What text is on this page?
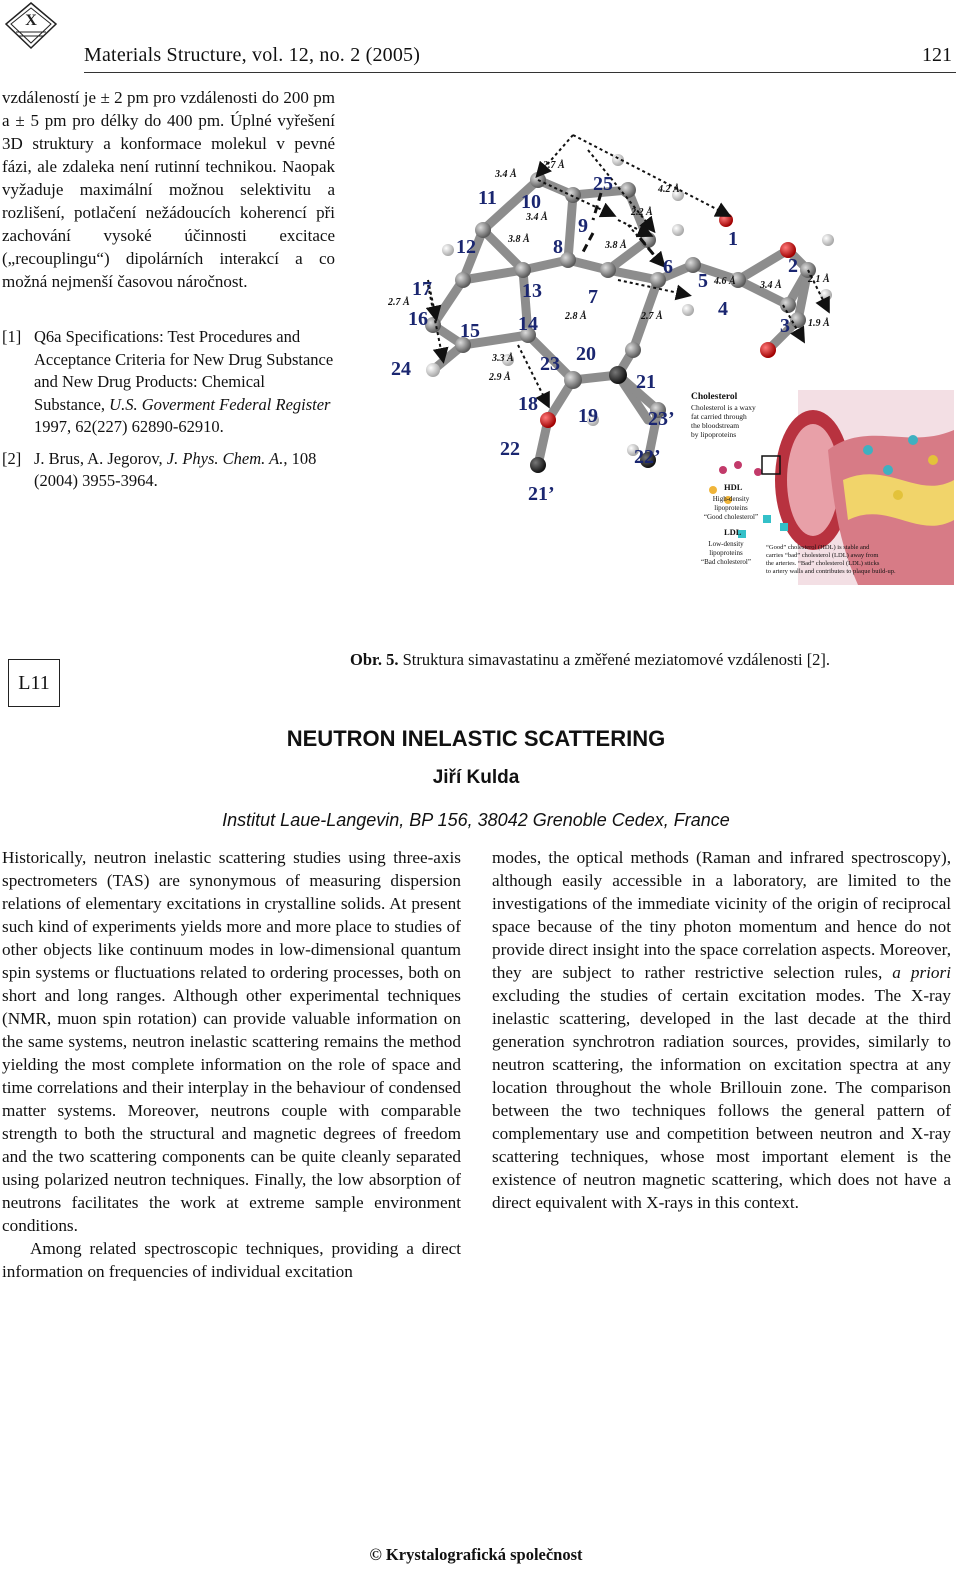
X
Materials Structure, vol. 12, no. 2 (2005)	121

vzdáleností je ± 2 pm pro vzdálenosti do 200 pm a ± 5 pm pro délky do 400 pm. Úplné vyřešení 3D struktury a konformace molekul v pevné fázi, ale zdaleka není rutinní technikou. Naopak vyžaduje maximální možnou selektivitu a rozlišení, potlačení nežádoucích koherencí při zachování vysoké účinnosti excitace („recouplingu“) dipolárních interakcí a co možná nejmenší časovou náročnost.

[1] Q6a Specifications: Test Procedures and Acceptance Criteria for New Drug Substance and New Drug Products: Chemical Substance, U.S. Goverment Federal Register 1997, 62(227) 62890-62910.
[2] J. Brus, A. Jegorov, J. Phys. Chem. A., 108 (2004) 3955-3964.
1
2
3
4
5
6
7
8
9
10
11
12
13
14
15
16
17
18
19
20
21
22
23
24
25
21’
22’
23’
3.4 Å
2.7 Å
4.2 Å
2.2 Å
3.4 Å
3.8 Å
3.8 Å
2.7 Å
4.6 Å 3.4 Å
2.1 Å
2.8 Å	2.7 Å
1.9 Å
3.3 Å
2.9 Å
Cholesterol
Cholesterol is a waxy
fat carried through
the bloodstream
by lipoproteins
HDL
High-density
lipoproteins
“Good cholesterol”
LDL
Low-density
lipoproteins
“Bad cholesterol”
“Good” cholesterol (HDL) is stable and
carries “bad” cholesterol (LDL) away from
the arteries. “Bad” cholesterol (LDL) sticks
to artery walls and contributes to plaque build-up.
Obr. 5. Struktura simavastatinu a změřené meziatomové vzdálenosti [2].
L11
NEUTRON INELASTIC SCATTERING
Jiří Kulda
Institut Laue-Langevin, BP 156, 38042 Grenoble Cedex, France

Historically, neutron inelastic scattering studies using three-axis spectrometers (TAS) are synonymous of measuring dispersion relations of elementary excitations in crystalline solids. At present such kind of experiments yields more and more place to studies of other objects like continuum modes in low-dimensional quantum spin systems or fluctuations related to ordering processes, both on short and long ranges. Although other experimental techniques (NMR, muon spin rotation) can provide valuable information on the same systems, neutron inelastic scattering remains the method yielding the most complete information on the role of space and time correlations and their interplay in the behaviour of condensed matter systems. Moreover, neutrons couple with comparable strength to both the structural and magnetic degrees of freedom and the two scattering components can be quite cleanly separated using polarized neutron techniques. Finally, the low absorption of neutrons facilitates the work at extreme sample environment conditions.

Among related spectroscopic techniques, providing a direct information on frequencies of individual excitation

modes, the optical methods (Raman and infrared spectroscopy), although easily accessible in a laboratory, are limited to the investigations of the immediate vicinity of the origin of reciprocal space because of the tiny photon momentum and hence do not provide direct insight into the space correlation aspects. Moreover, they are subject to rather restrictive selection rules, a priori excluding the studies of certain excitation modes. The X-ray inelastic scattering, developed in the last decade at the third generation synchrotron radiation sources, provides, similarly to neutron scattering, the information on excitation spectra at any location throughout the whole Brillouin zone. The comparison between the two techniques follows the general pattern of complementary use and competition between neutron and X-ray scattering techniques, whose most important element is the existence of neutron magnetic scattering, which does not have a direct equivalent with X-rays in this context.

© Krystalografická společnost
